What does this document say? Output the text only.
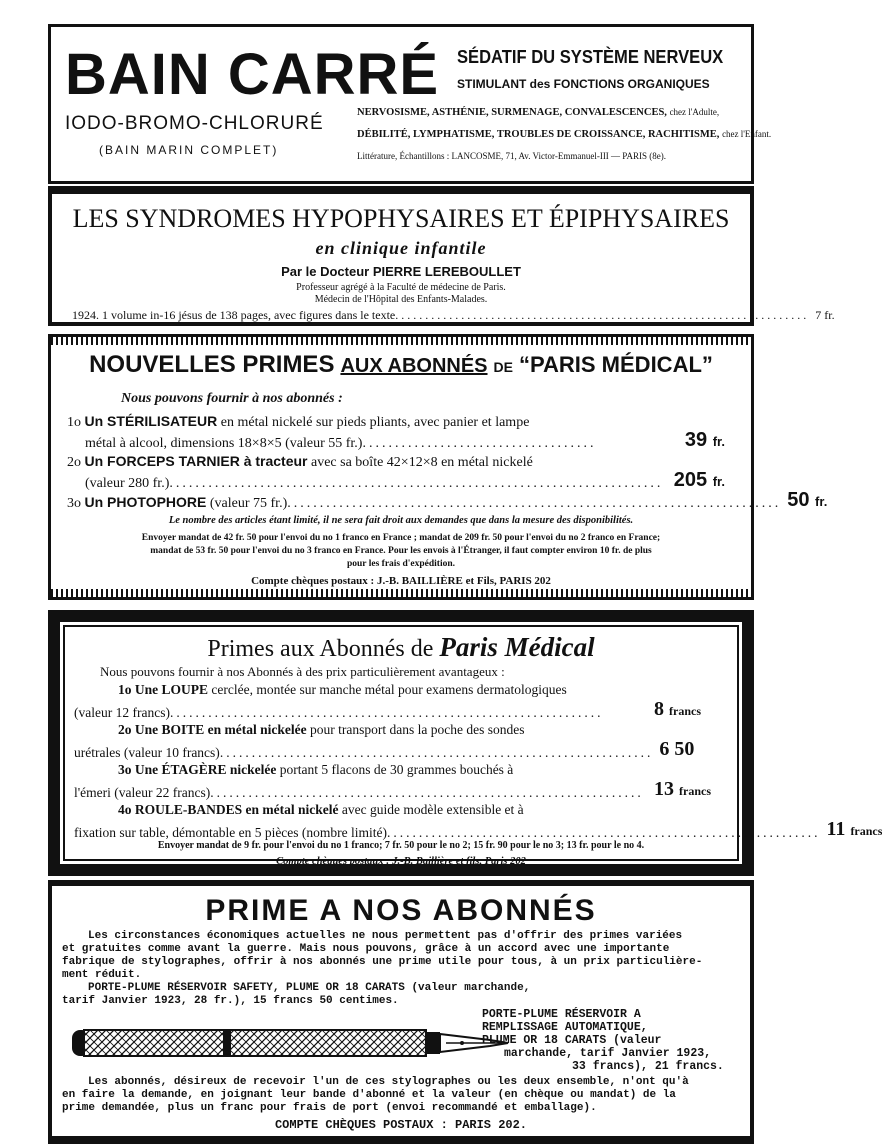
BAIN CARRÉ
IODO-BROMO-CHLORURÉ
(BAIN MARIN COMPLET)
SÉDATIF DU SYSTÈME NERVEUX
STIMULANT des FONCTIONS ORGANIQUES
NERVOSISME, ASTHÉNIE, SURMENAGE, CONVALESCENCES, chez l'Adulte,
DÉBILITÉ, LYMPHATISME, TROUBLES DE CROISSANCE, RACHITISME, chez l'Enfant.
Littérature, Échantillons : LANCOSME, 71, Av. Victor-Emmanuel-III — PARIS (8e).
LES SYNDROMES HYPOPHYSAIRES ET ÉPIPHYSAIRES
en clinique infantile
Par le Docteur PIERRE LEREBOULLET
Professeur agrégé à la Faculté de médecine de Paris.
Médecin de l'Hôpital des Enfants-Malades.
1924. 1 volume in-16 jésus de 138 pages, avec figures dans le texte ..................................................................... 7 fr.
NOUVELLES PRIMES AUX ABONNÉS DE “PARIS MÉDICAL”
Nous pouvons fournir à nos abonnés :
1o Un STÉRILISATEUR en métal nickelé sur pieds pliants, avec panier et lampe
métal à alcool, dimensions 18×8×5 (valeur 55 fr.) ....................................	39 fr.
2o Un FORCEPS TARNIER à tracteur avec sa boîte 42×12×8 en métal nickelé
(valeur 280 fr.) ............................................................................ 205 fr.
3o Un PHOTOPHORE (valeur 75 fr.) ............................................................................ 50 fr.
Le nombre des articles étant limité, il ne sera fait droit aux demandes que dans la mesure des disponibilités.
Envoyer mandat de 42 fr. 50 pour l'envoi du no 1 franco en France ; mandat de 209 fr. 50 pour l'envoi du no 2 franco en France;
mandat de 53 fr. 50 pour l'envoi du no 3 franco en France. Pour les envois à l'Étranger, il faut compter environ 10 fr. de plus
pour les frais d'expédition.
Compte chèques postaux : J.-B. BAILLIÈRE et Fils, PARIS 202
Primes aux Abonnés de Paris Médical
Nous pouvons fournir à nos Abonnés à des prix particulièrement avantageux :
1o Une LOUPE cerclée, montée sur manche métal pour examens dermatologiques
(valeur 12 francs) ....................................................................	8 francs
2o Une BOITE en métal nickelée pour transport dans la poche des sondes
urétrales (valeur 10 francs) .................................................................... 6 50
3o Une ÉTAGÈRE nickelée portant 5 flacons de 30 grammes bouchés à
l'émeri (valeur 22 francs) .................................................................... 13 francs
4o ROULE-BANDES en métal nickelé avec guide modèle extensible et à
fixation sur table, démontable en 5 pièces (nombre limité) .................................................................... 11 francs
Envoyer mandat de 9 fr. pour l'envoi du no 1 franco; 7 fr. 50 pour le no 2; 15 fr. 90 pour le no 3; 13 fr. pour le no 4.
Compte chèques postaux : J.-B. Baillière et fils, Paris 202
PRIME A NOS ABONNÉS
Les circonstances économiques actuelles ne nous permettent pas d'offrir des primes variées
et gratuites comme avant la guerre. Mais nous pouvons, grâce à un accord avec une importante
fabrique de stylographes, offrir à nos abonnés une prime utile pour tous, à un prix particulière-
ment réduit.
PORTE-PLUME RÉSERVOIR SAFETY, PLUME OR 18 CARATS (valeur marchande,
tarif Janvier 1923, 28 fr.), 15 francs 50 centimes.
PORTE-PLUME RÉSERVOIR A
REMPLISSAGE AUTOMATIQUE,
PLUME OR 18 CARATS (valeur
marchande, tarif Janvier 1923,
33 francs), 21 francs.
Les abonnés, désireux de recevoir l'un de ces stylographes ou les deux ensemble, n'ont qu'à
en faire la demande, en joignant leur bande d'abonné et la valeur (en chèque ou mandat) de la
prime demandée, plus un franc pour frais de port (envoi recommandé et emballage).
COMPTE CHÈQUES POSTAUX : PARIS 202.
